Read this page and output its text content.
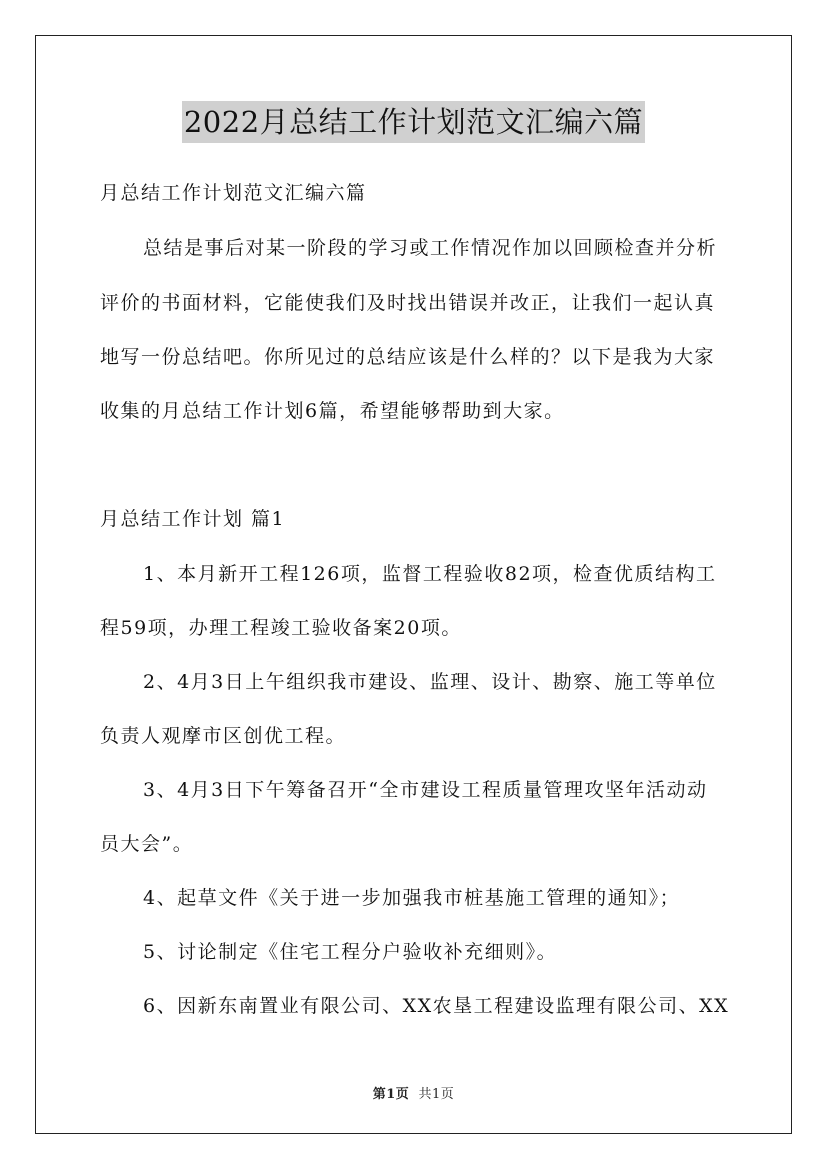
2022月总结工作计划范文汇编六篇
月总结工作计划范文汇编六篇
总结是事后对某一阶段的学习或工作情况作加以回顾检查并分析
评价的书面材料，它能使我们及时找出错误并改正，让我们一起认真
地写一份总结吧。你所见过的总结应该是什么样的？以下是我为大家
收集的月总结工作计划6篇，希望能够帮助到大家。
月总结工作计划 篇1
1、本月新开工程126项，监督工程验收82项，检查优质结构工
程59项，办理工程竣工验收备案20项。
2、4月3日上午组织我市建设、监理、设计、勘察、施工等单位
负责人观摩市区创优工程。
3、4月3日下午筹备召开“全市建设工程质量管理攻坚年活动动
员大会”。
4、起草文件《关于进一步加强我市桩基施工管理的通知》；
5、讨论制定《住宅工程分户验收补充细则》。
6、因新东南置业有限公司、XX农垦工程建设监理有限公司、XX
第1页 共1页
